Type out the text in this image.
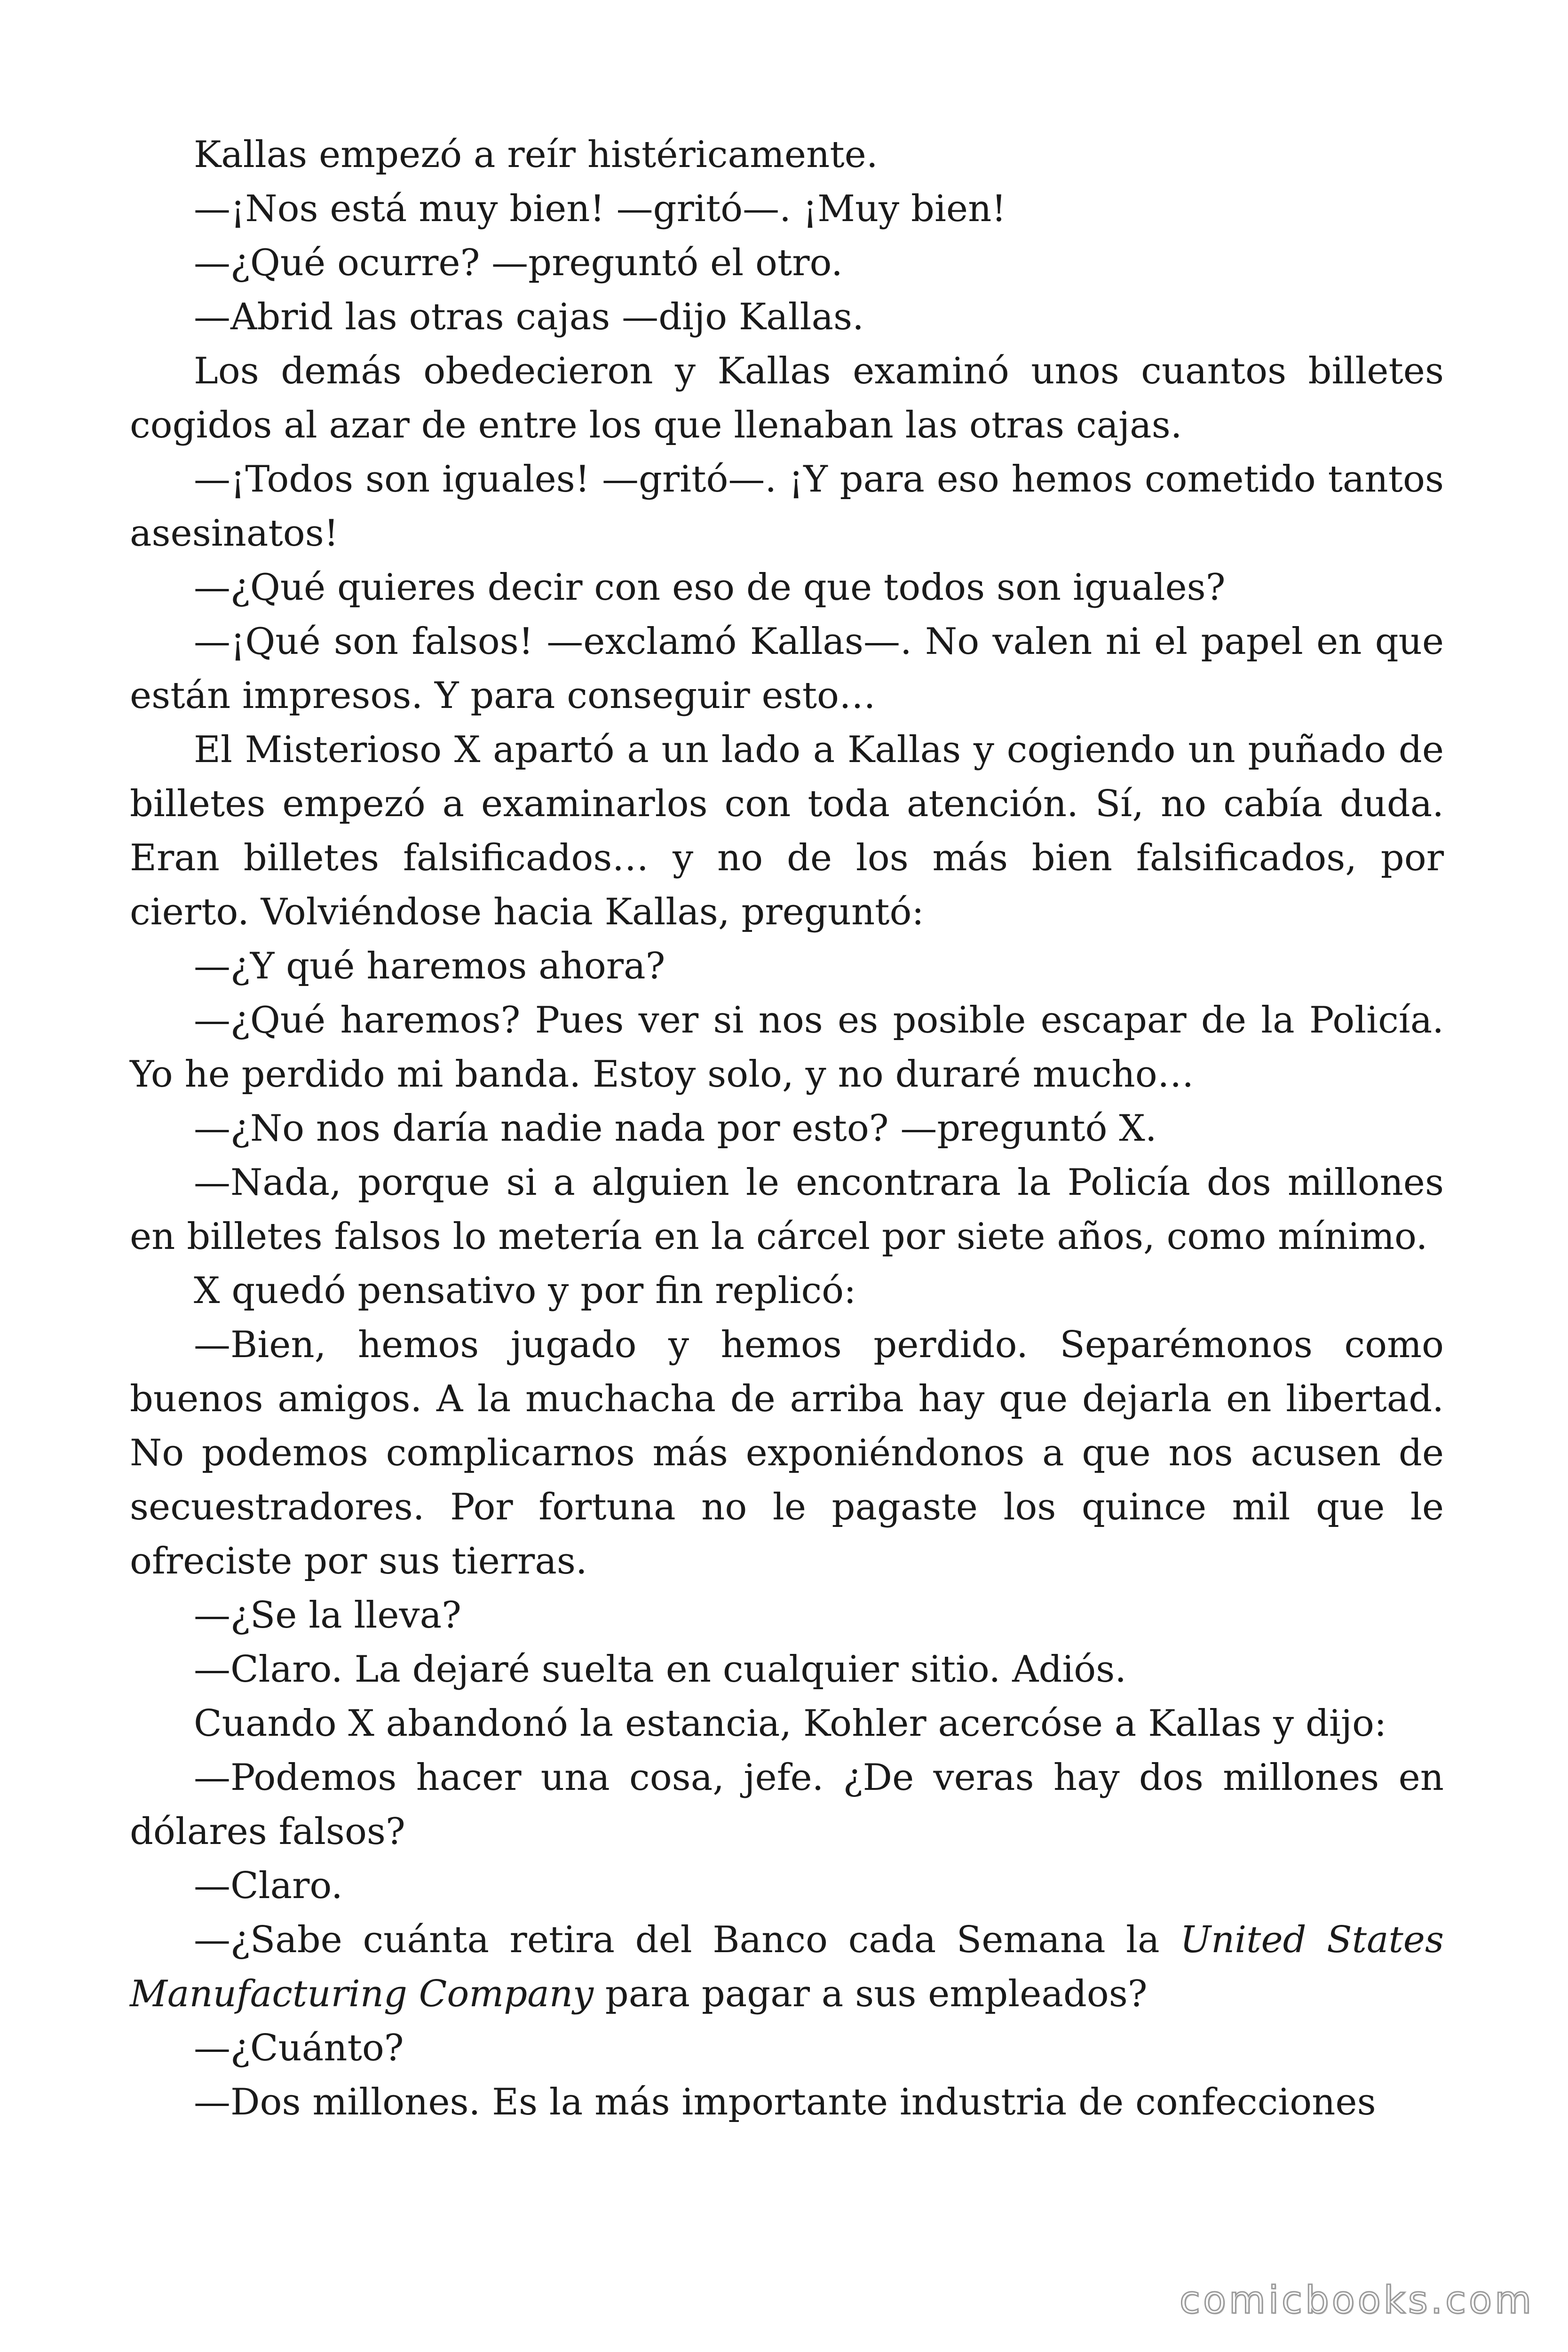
Kallas empezó a reír histéricamente.

—¡Nos está muy bien! —gritó—. ¡Muy bien!

—¿Qué ocurre? —preguntó el otro.

—Abrid las otras cajas —dijo Kallas.

Los demás obedecieron y Kallas examinó unos cuantos billetes cogidos al azar de entre los que llenaban las otras cajas.

—¡Todos son iguales! —gritó—. ¡Y para eso hemos cometido tantos asesinatos!

—¿Qué quieres decir con eso de que todos son iguales?

—¡Qué son falsos! —exclamó Kallas—. No valen ni el papel en que están impresos. Y para conseguir esto…

El Misterioso X apartó a un lado a Kallas y cogiendo un puñado de billetes empezó a examinarlos con toda atención. Sí, no cabía duda. Eran billetes falsificados… y no de los más bien falsificados, por cierto. Volviéndose hacia Kallas, preguntó:

—¿Y qué haremos ahora?

—¿Qué haremos? Pues ver si nos es posible escapar de la Policía. Yo he perdido mi banda. Estoy solo, y no duraré mucho…

—¿No nos daría nadie nada por esto? —preguntó X.

—Nada, porque si a alguien le encontrara la Policía dos millones en billetes falsos lo metería en la cárcel por siete años, como mínimo.

X quedó pensativo y por fin replicó:

—Bien, hemos jugado y hemos perdido. Separémonos como buenos amigos. A la muchacha de arriba hay que dejarla en libertad. No podemos complicarnos más exponiéndonos a que nos acusen de secuestradores. Por fortuna no le pagaste los quince mil que le ofreciste por sus tierras.

—¿Se la lleva?

—Claro. La dejaré suelta en cualquier sitio. Adiós.

Cuando X abandonó la estancia, Kohler acercóse a Kallas y dijo:

—Podemos hacer una cosa, jefe. ¿De veras hay dos millones en dólares falsos?

—Claro.

—¿Sabe cuánta retira del Banco cada Semana la United States Manufacturing Company para pagar a sus empleados?

—¿Cuánto?

—Dos millones. Es la más importante industria de confecciones

comicbooks.com
